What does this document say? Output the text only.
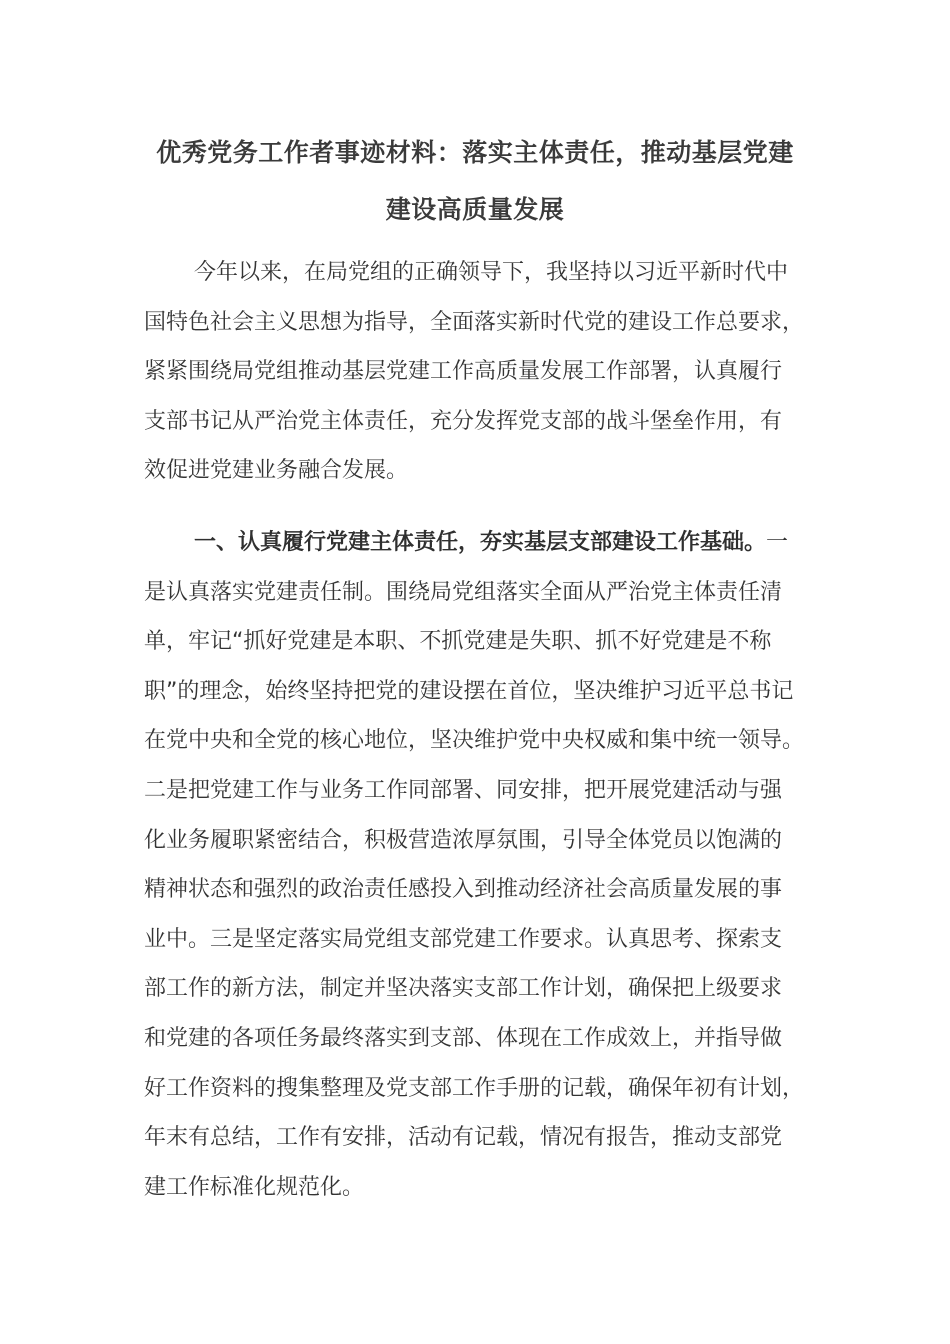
优秀党务工作者事迹材料：落实主体责任，推动基层党建
建设高质量发展
今年以来，在局党组的正确领导下，我坚持以习近平新时代中
国特色社会主义思想为指导，全面落实新时代党的建设工作总要求，
紧紧围绕局党组推动基层党建工作高质量发展工作部署，认真履行
支部书记从严治党主体责任，充分发挥党支部的战斗堡垒作用，有
效促进党建业务融合发展。
一、认真履行党建主体责任，夯实基层支部建设工作基础。一
是认真落实党建责任制。围绕局党组落实全面从严治党主体责任清
单，牢记“抓好党建是本职、不抓党建是失职、抓不好党建是不称
职”的理念，始终坚持把党的建设摆在首位，坚决维护习近平总书记
在党中央和全党的核心地位，坚决维护党中央权威和集中统一领导。
二是把党建工作与业务工作同部署、同安排，把开展党建活动与强
化业务履职紧密结合，积极营造浓厚氛围，引导全体党员以饱满的
精神状态和强烈的政治责任感投入到推动经济社会高质量发展的事
业中。三是坚定落实局党组支部党建工作要求。认真思考、探索支
部工作的新方法，制定并坚决落实支部工作计划，确保把上级要求
和党建的各项任务最终落实到支部、体现在工作成效上，并指导做
好工作资料的搜集整理及党支部工作手册的记载，确保年初有计划，
年末有总结，工作有安排，活动有记载，情况有报告，推动支部党
建工作标准化规范化。
